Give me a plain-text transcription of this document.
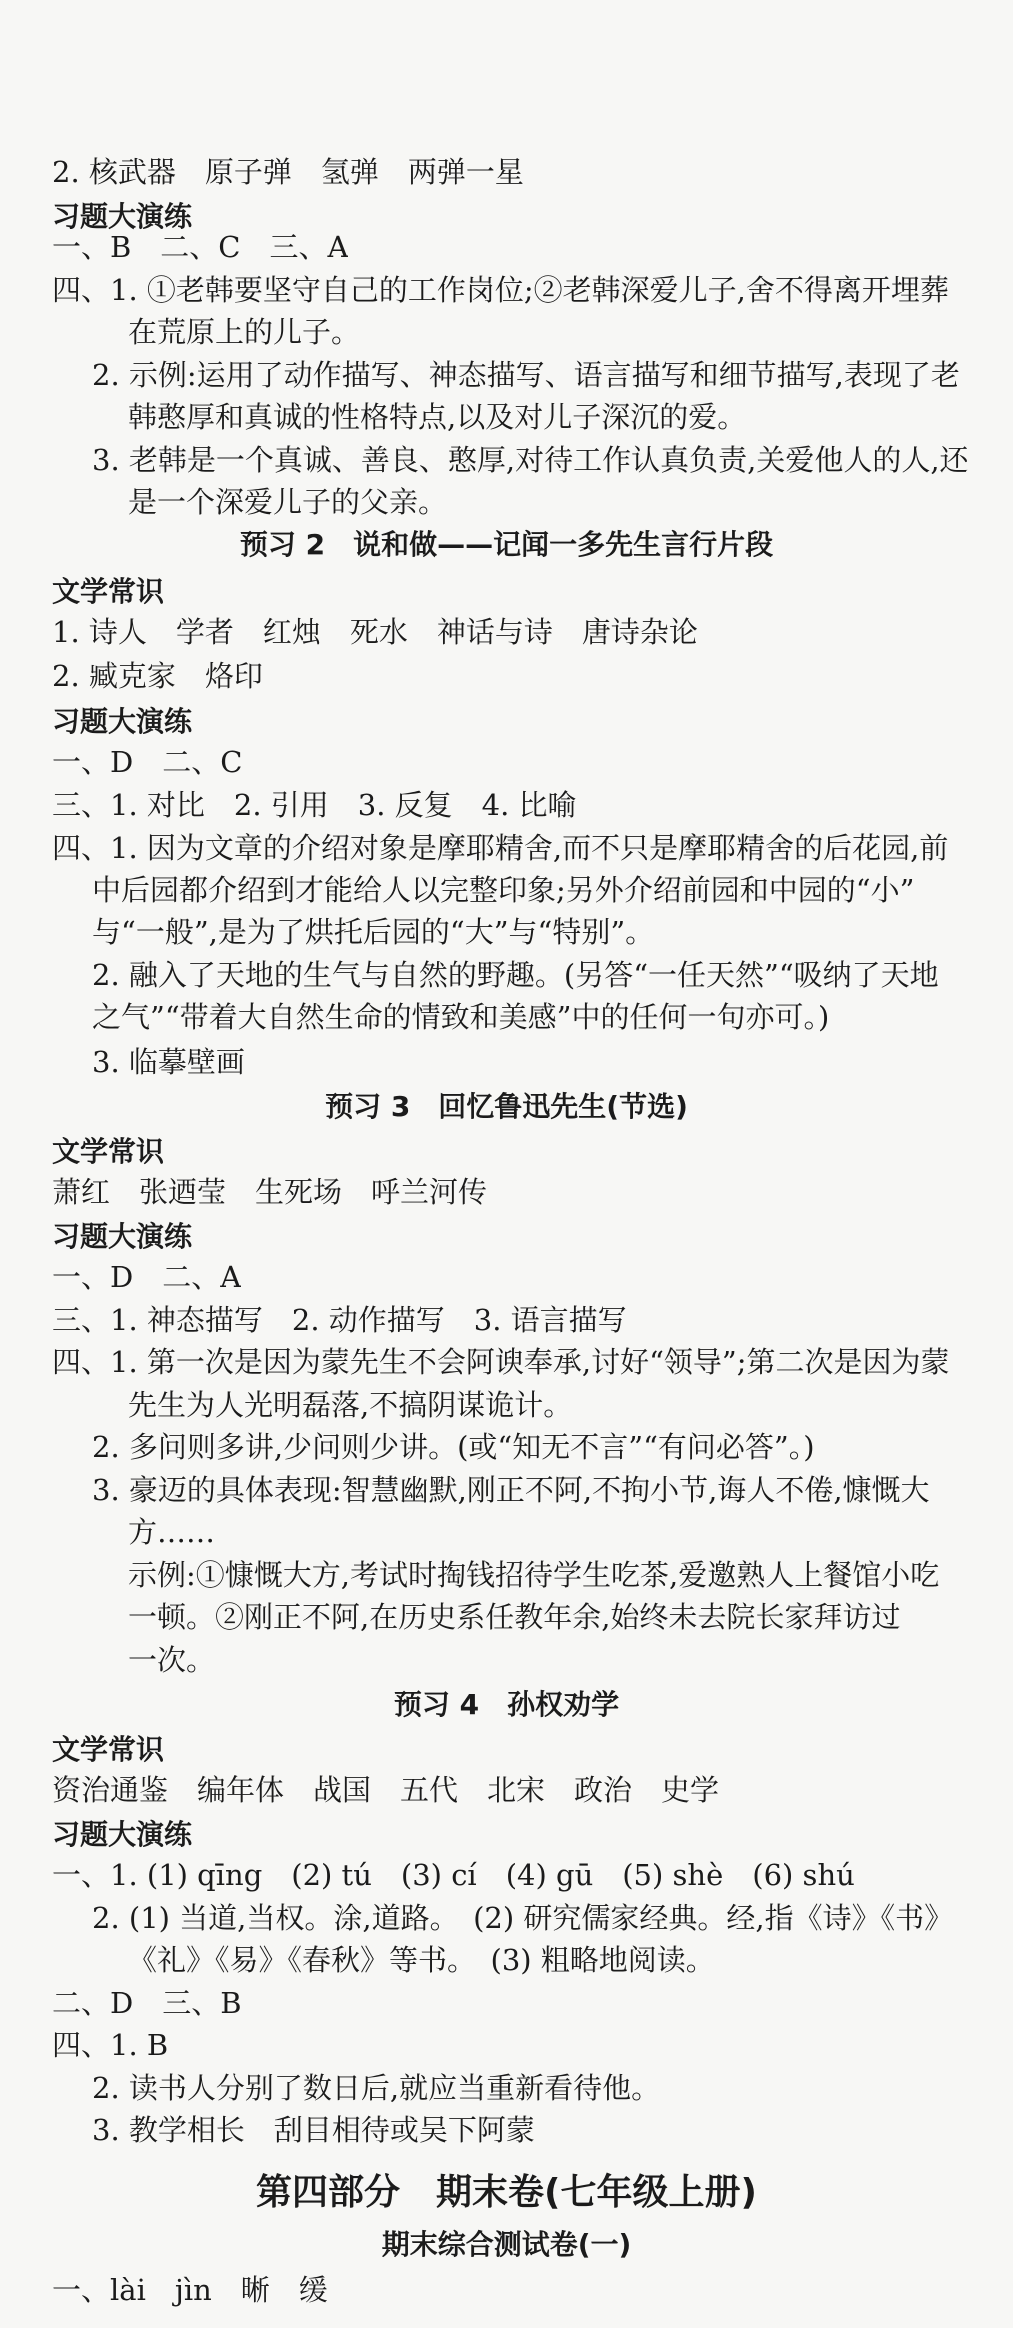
2. 核武器　原子弹　氢弹　两弹一星
习题大演练
一、B　二、C　三、A
四、1. ①老韩要坚守自己的工作岗位;②老韩深爱儿子,舍不得离开埋葬
在荒原上的儿子。
2. 示例:运用了动作描写、神态描写、语言描写和细节描写,表现了老
韩憨厚和真诚的性格特点,以及对儿子深沉的爱。
3. 老韩是一个真诚、善良、憨厚,对待工作认真负责,关爱他人的人,还
是一个深爱儿子的父亲。
预习 2　说和做——记闻一多先生言行片段
文学常识
1. 诗人　学者　红烛　死水　神话与诗　唐诗杂论
2. 臧克家　烙印
习题大演练
一、D　二、C
三、1. 对比　2. 引用　3. 反复　4. 比喻
四、1. 因为文章的介绍对象是摩耶精舍,而不只是摩耶精舍的后花园,前
中后园都介绍到才能给人以完整印象;另外介绍前园和中园的“小”
与“一般”,是为了烘托后园的“大”与“特别”。
2. 融入了天地的生气与自然的野趣。(另答“一任天然”“吸纳了天地
之气”“带着大自然生命的情致和美感”中的任何一句亦可。)
3. 临摹壁画
预习 3　回忆鲁迅先生(节选)
文学常识
萧红　张迺莹　生死场　呼兰河传
习题大演练
一、D　二、A
三、1. 神态描写　2. 动作描写　3. 语言描写
四、1. 第一次是因为蒙先生不会阿谀奉承,讨好“领导”;第二次是因为蒙
先生为人光明磊落,不搞阴谋诡计。
2. 多问则多讲,少问则少讲。(或“知无不言”“有问必答”。)
3. 豪迈的具体表现:智慧幽默,刚正不阿,不拘小节,诲人不倦,慷慨大
方……
示例:①慷慨大方,考试时掏钱招待学生吃茶,爱邀熟人上餐馆小吃
一顿。②刚正不阿,在历史系任教年余,始终未去院长家拜访过
一次。
预习 4　孙权劝学
文学常识
资治通鉴　编年体　战国　五代　北宋　政治　史学
习题大演练
一、1. (1) qīng　(2) tú　(3) cí　(4) gū　(5) shè　(6) shú
2. (1) 当道,当权。涂,道路。　(2) 研究儒家经典。经,指《诗》《书》
《礼》《易》《春秋》等书。　(3) 粗略地阅读。
二、D　三、B
四、1. B
2. 读书人分别了数日后,就应当重新看待他。
3. 教学相长　刮目相待或吴下阿蒙
第四部分　期末卷(七年级上册)
期末综合测试卷(一)
一、lài　jìn　晰　缓
